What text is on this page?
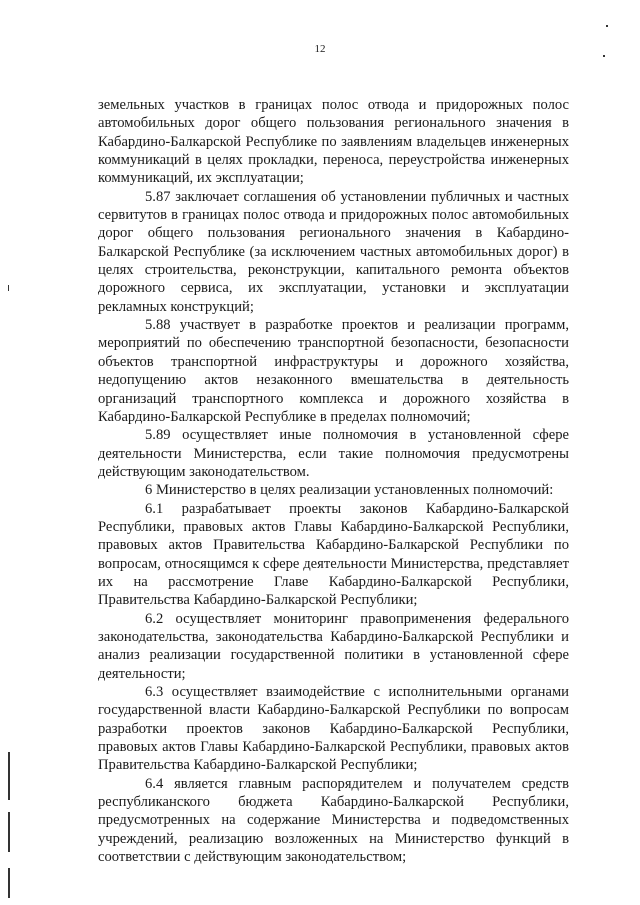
12

земельных участков в границах полос отвода и придорожных полос автомобильных дорог общего пользования регионального значения в Кабардино-Балкарской Республике по заявлениям владельцев инженерных коммуникаций в целях прокладки, переноса, переустройства инженерных коммуникаций, их эксплуатации;

5.87 заключает соглашения об установлении публичных и частных сервитутов в границах полос отвода и придорожных полос автомобильных дорог общего пользования регионального значения в Кабардино-Балкарской Республике (за исключением частных автомобильных дорог) в целях строительства, реконструкции, капитального ремонта объектов дорожного сервиса, их эксплуатации, установки и эксплуатации рекламных конструкций;

5.88 участвует в разработке проектов и реализации программ, мероприятий по обеспечению транспортной безопасности, безопасности объектов транспортной инфраструктуры и дорожного хозяйства, недопущению актов незаконного вмешательства в деятельность организаций транспортного комплекса и дорожного хозяйства в Кабардино-Балкарской Республике в пределах полномочий;

5.89 осуществляет иные полномочия в установленной сфере деятельности Министерства, если такие полномочия предусмотрены действующим законодательством.

6 Министерство в целях реализации установленных полномочий:

6.1 разрабатывает проекты законов Кабардино-Балкарской Республики, правовых актов Главы Кабардино-Балкарской Республики, правовых актов Правительства Кабардино-Балкарской Республики по вопросам, относящимся к сфере деятельности Министерства, представляет их на рассмотрение Главе Кабардино-Балкарской Республики, Правительства Кабардино-Балкарской Республики;

6.2 осуществляет мониторинг правоприменения федерального законодательства, законодательства Кабардино-Балкарской Республики и анализ реализации государственной политики в установленной сфере деятельности;

6.3 осуществляет взаимодействие с исполнительными органами государственной власти Кабардино-Балкарской Республики по вопросам разработки проектов законов Кабардино-Балкарской Республики, правовых актов Главы Кабардино-Балкарской Республики, правовых актов Правительства Кабардино-Балкарской Республики;

6.4 является главным распорядителем и получателем средств республиканского бюджета Кабардино-Балкарской Республики, предусмотренных на содержание Министерства и подведомственных учреждений, реализацию возложенных на Министерство функций в соответствии с действующим законодательством;
